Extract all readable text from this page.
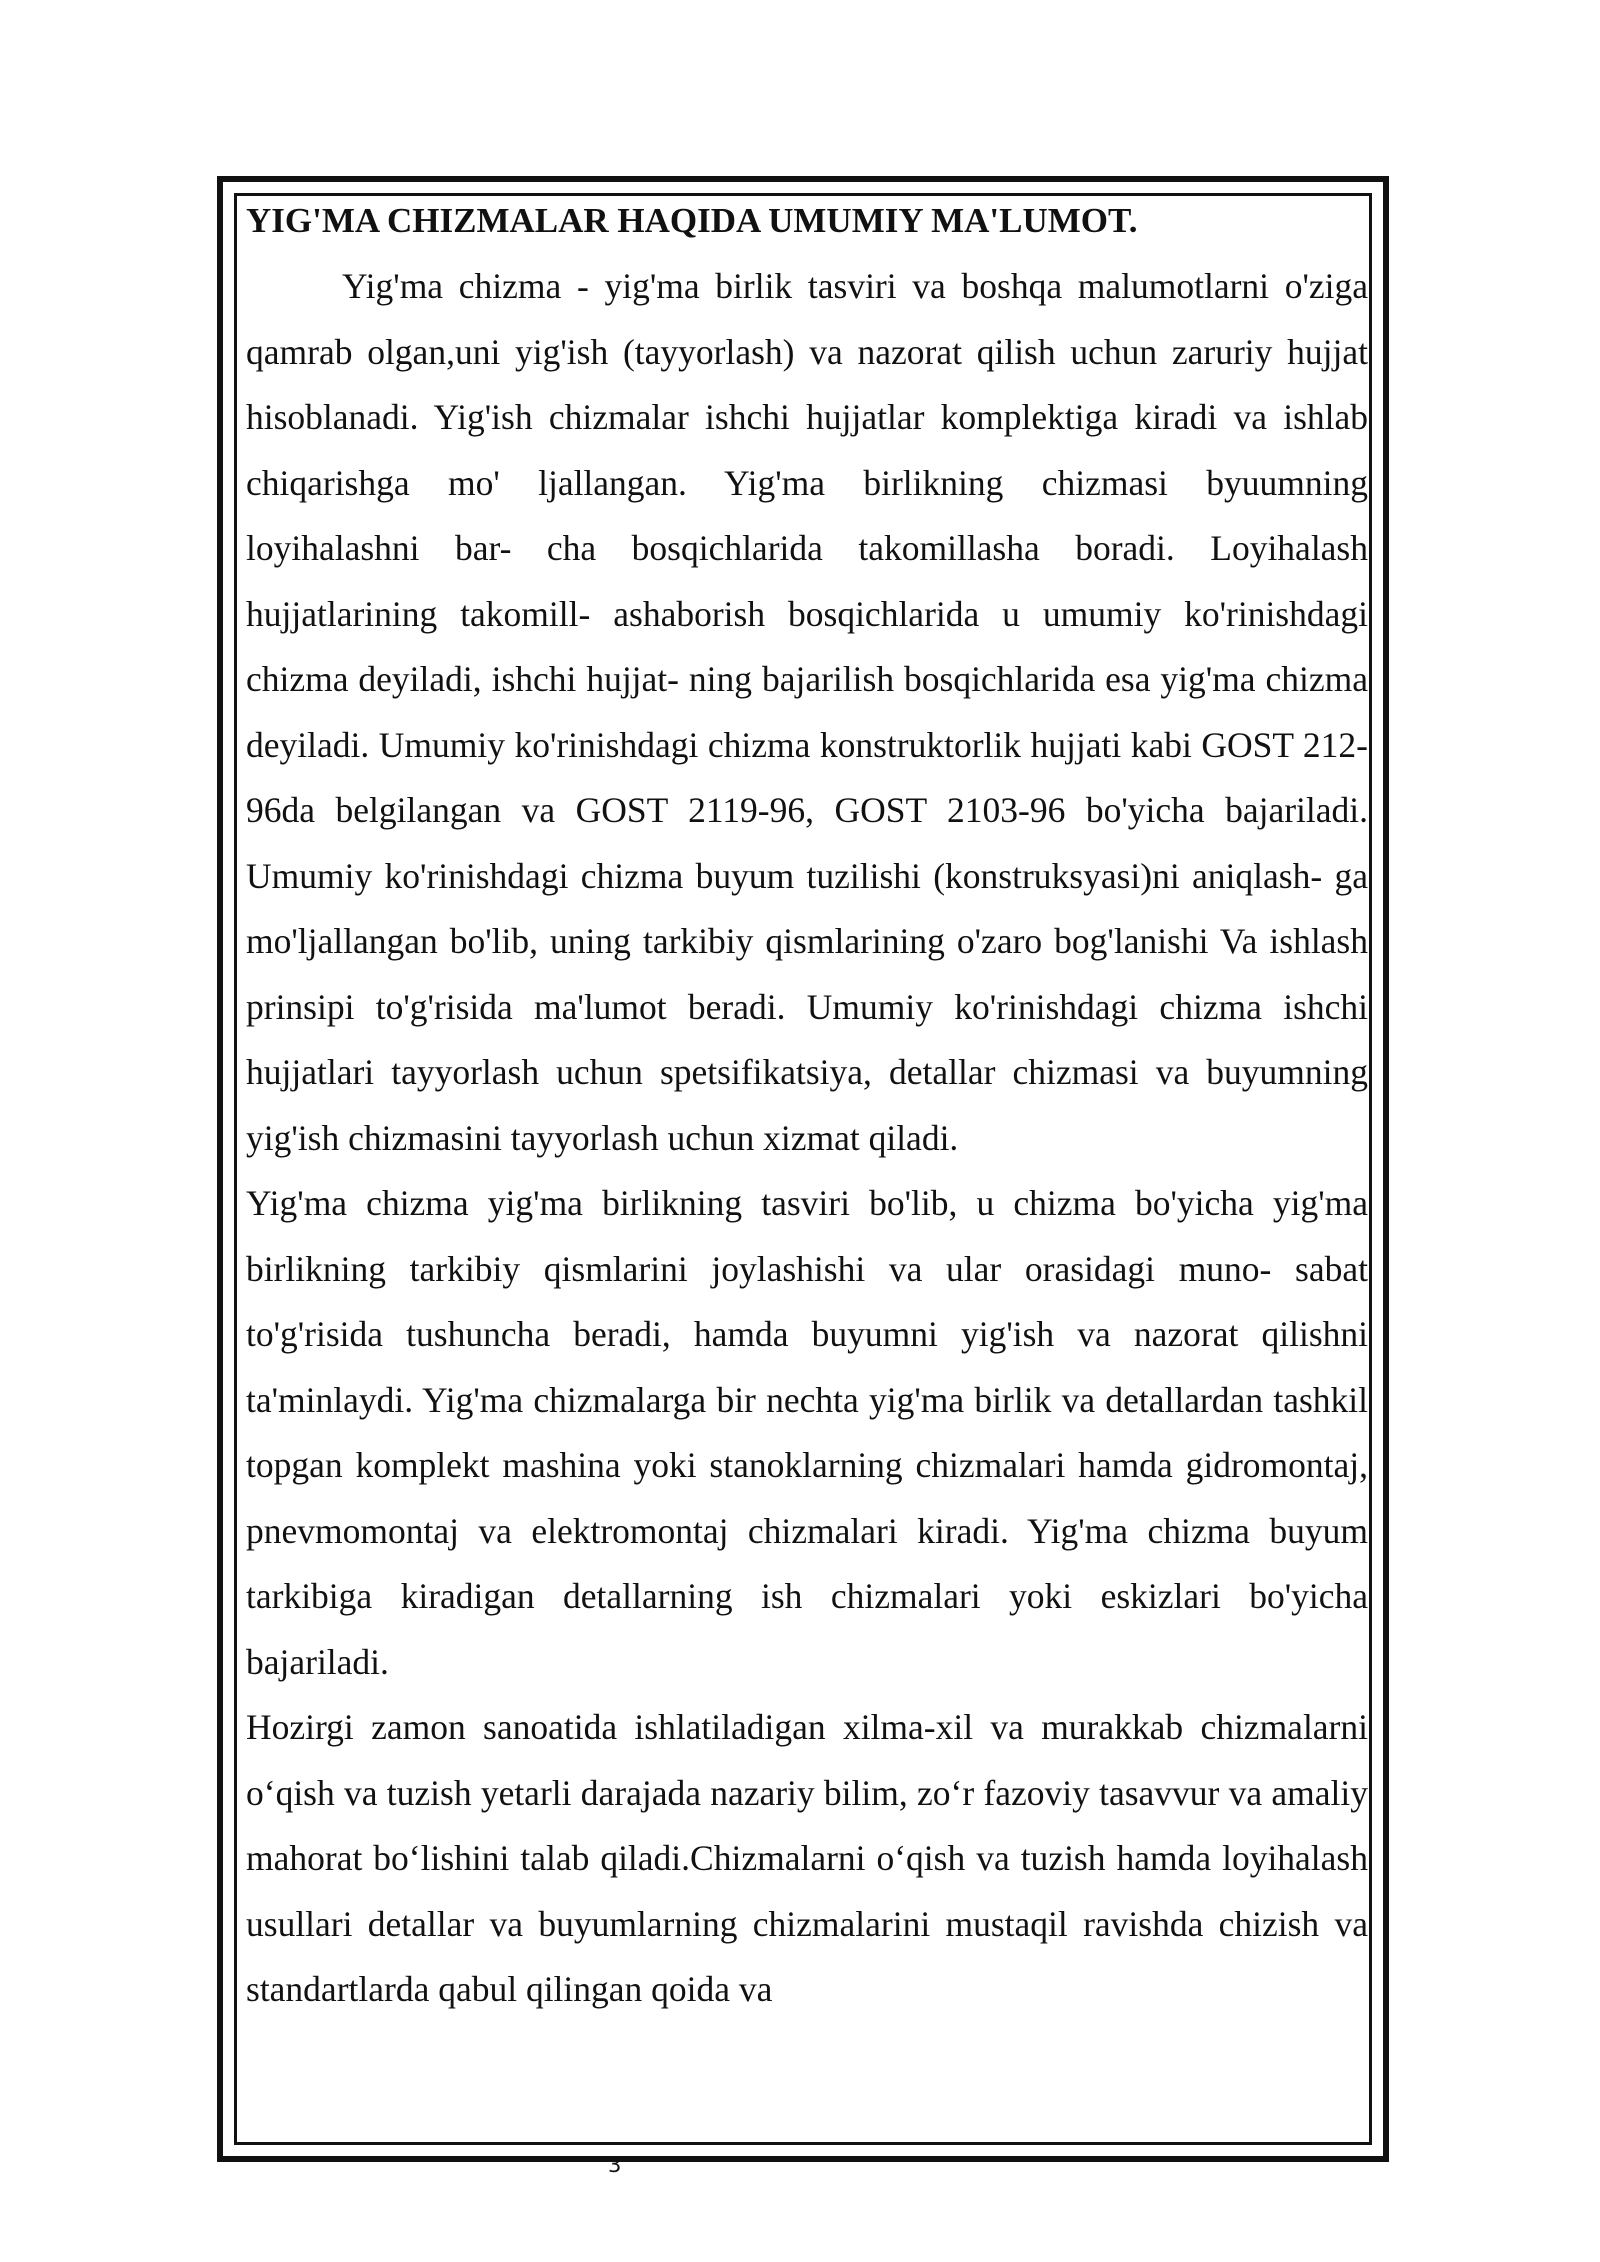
YIG'MA CHIZMALAR HAQIDA UMUMIY MA'LUMOT.

Yig'ma chizma - yig'ma birlik tasviri va boshqa malumotlarni o'ziga qamrab olgan,uni yig'ish (tayyorlash) va nazorat qilish uchun zaruriy hujjat hisoblanadi. Yig'ish chizmalar ishchi hujjatlar komplektiga kiradi va ishlab chiqarishga mo' ljallangan. Yig'ma birlikning chizmasi byuumning loyihalashni bar- cha bosqichlarida takomillasha boradi. Loyihalash hujjatlarining takomill- ashaborish bosqichlarida u umumiy ko'rinishdagi chizma deyiladi, ishchi hujjat- ning bajarilish bosqichlarida esa yig'ma chizma deyiladi. Umumiy ko'rinishdagi chizma konstruktorlik hujjati kabi GOST 212- 96da belgilangan va GOST 2119-96, GOST 2103-96 bo'yicha bajariladi. Umumiy ko'rinishdagi chizma buyum tuzilishi (konstruksyasi)ni aniqlash- ga mo'ljallangan bo'lib, uning tarkibiy qismlarining o'zaro bog'lanishi Va ishlash prinsipi to'g'risida ma'lumot beradi. Umumiy ko'rinishdagi chizma ishchi hujjatlari tayyorlash uchun spetsifikatsiya, detallar chizmasi va buyumning yig'ish chizmasini tayyorlash uchun xizmat qiladi.

Yig'ma chizma yig'ma birlikning tasviri bo'lib, u chizma bo'yicha yig'ma birlikning tarkibiy qismlarini joylashishi va ular orasidagi muno- sabat to'g'risida tushuncha beradi, hamda buyumni yig'ish va nazorat qilishni ta'minlaydi. Yig'ma chizmalarga bir nechta yig'ma birlik va detallardan tashkil topgan komplekt mashina yoki stanoklarning chizmalari hamda gidromontaj, pnevmomontaj va elektromontaj chizmalari kiradi. Yig'ma chizma buyum tarkibiga kiradigan detallarning ish chizmalari yoki eskizlari bo'yicha bajariladi.

Hozirgi zamon sanoatida ishlatiladigan xilma-xil va murakkab chizmalarni o‘qish va tuzish yetarli darajada nazariy bilim, zo‘r fazoviy tasavvur va amaliy mahorat bo‘lishini talab qiladi.Chizmalarni o‘qish va tuzish hamda loyihalash usullari detallar va buyumlarning chizmalarini mustaqil ravishda chizish va standartlarda qabul qilingan qoida va

3
